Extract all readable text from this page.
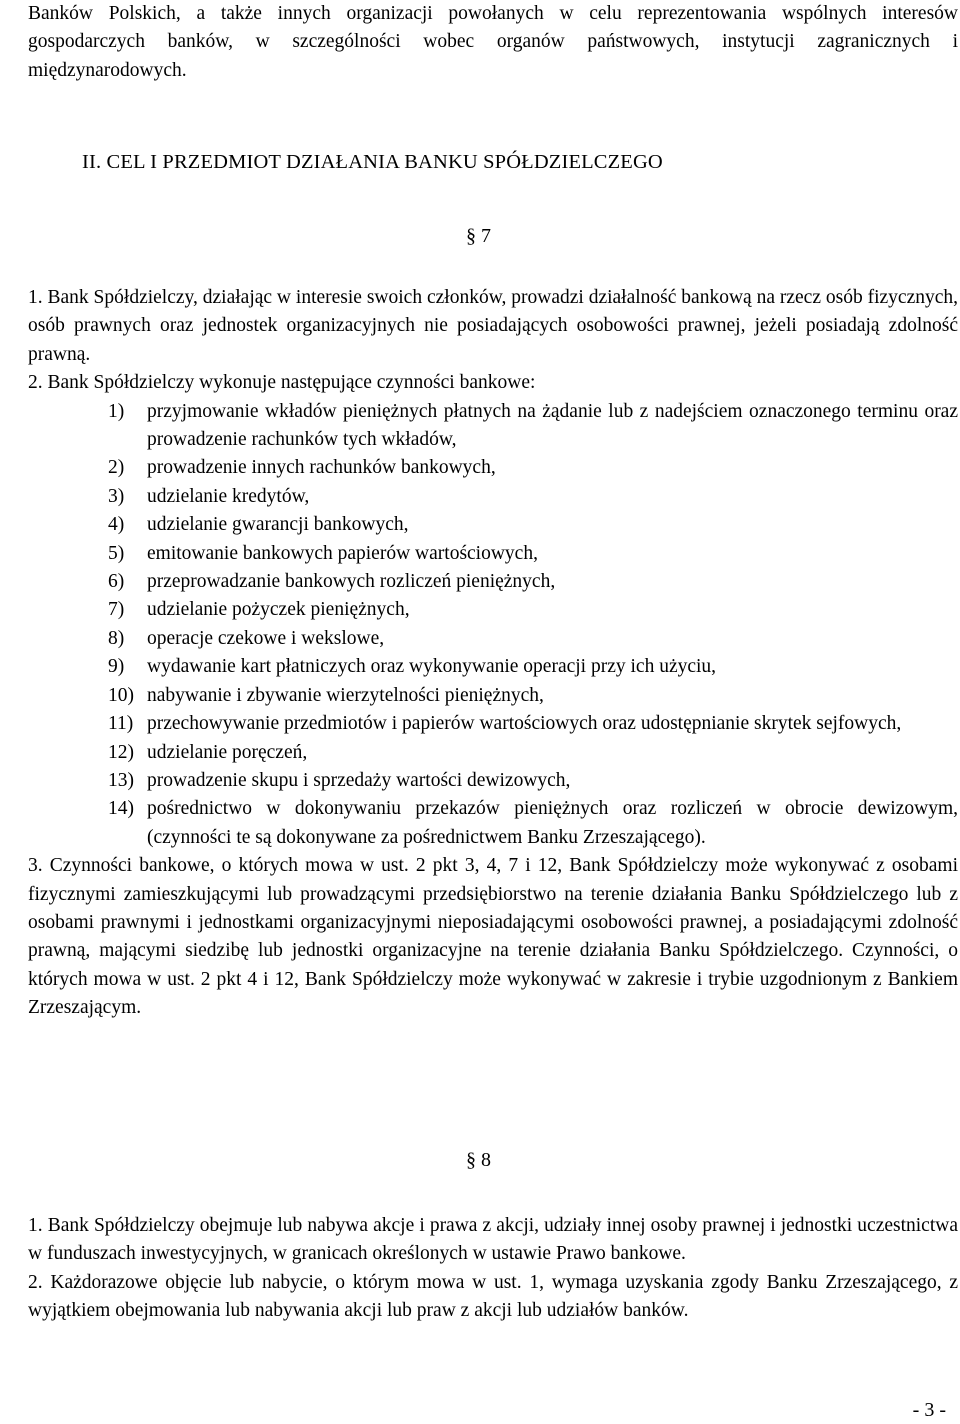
Banków Polskich, a także innych organizacji powołanych w celu reprezentowania wspólnych interesów gospodarczych banków, w szczególności wobec organów państwowych, instytucji zagranicznych i międzynarodowych.

II. CEL I PRZEDMIOT DZIAŁANIA BANKU SPÓŁDZIELCZEGO
§ 7

1. Bank Spółdzielczy, działając w interesie swoich członków, prowadzi działalność bankową na rzecz osób fizycznych, osób prawnych oraz jednostek organizacyjnych nie posiadających osobowości prawnej, jeżeli posiadają zdolność prawną.

2. Bank Spółdzielczy wykonuje następujące czynności bankowe:

1) przyjmowanie wkładów pieniężnych płatnych na żądanie lub z nadejściem oznaczonego terminu oraz prowadzenie rachunków tych wkładów,
2) prowadzenie innych rachunków bankowych,
3) udzielanie kredytów,
4) udzielanie gwarancji bankowych,
5) emitowanie bankowych papierów wartościowych,
6) przeprowadzanie bankowych rozliczeń pieniężnych,
7) udzielanie pożyczek pieniężnych,
8) operacje czekowe i wekslowe,
9) wydawanie kart płatniczych oraz wykonywanie operacji przy ich użyciu,
10) nabywanie i zbywanie wierzytelności pieniężnych,
11) przechowywanie przedmiotów i papierów wartościowych oraz udostępnianie skrytek sejfowych,
12) udzielanie poręczeń,
13) prowadzenie skupu i sprzedaży wartości dewizowych,
14) pośrednictwo w dokonywaniu przekazów pieniężnych oraz rozliczeń w obrocie dewizowym, (czynności te są dokonywane za pośrednictwem Banku Zrzeszającego).

3. Czynności bankowe, o których mowa w ust. 2 pkt 3, 4, 7 i 12, Bank Spółdzielczy może wykonywać z osobami fizycznymi zamieszkującymi lub prowadzącymi przedsiębiorstwo na terenie działania Banku Spółdzielczego lub z osobami prawnymi i jednostkami organizacyjnymi nieposiadającymi osobowości prawnej, a posiadającymi zdolność prawną, mającymi siedzibę lub jednostki organizacyjne na terenie działania Banku Spółdzielczego. Czynności, o których mowa w ust. 2 pkt 4 i 12, Bank Spółdzielczy może wykonywać w zakresie i trybie uzgodnionym z Bankiem Zrzeszającym.

§ 8

1. Bank Spółdzielczy obejmuje lub nabywa akcje i prawa z akcji, udziały innej osoby prawnej i jednostki uczestnictwa w funduszach inwestycyjnych, w granicach określonych w ustawie Prawo bankowe.

2. Każdorazowe objęcie lub nabycie, o którym mowa w ust. 1, wymaga uzyskania zgody Banku Zrzeszającego, z wyjątkiem obejmowania lub nabywania akcji lub praw z akcji lub udziałów banków.

- 3 -
